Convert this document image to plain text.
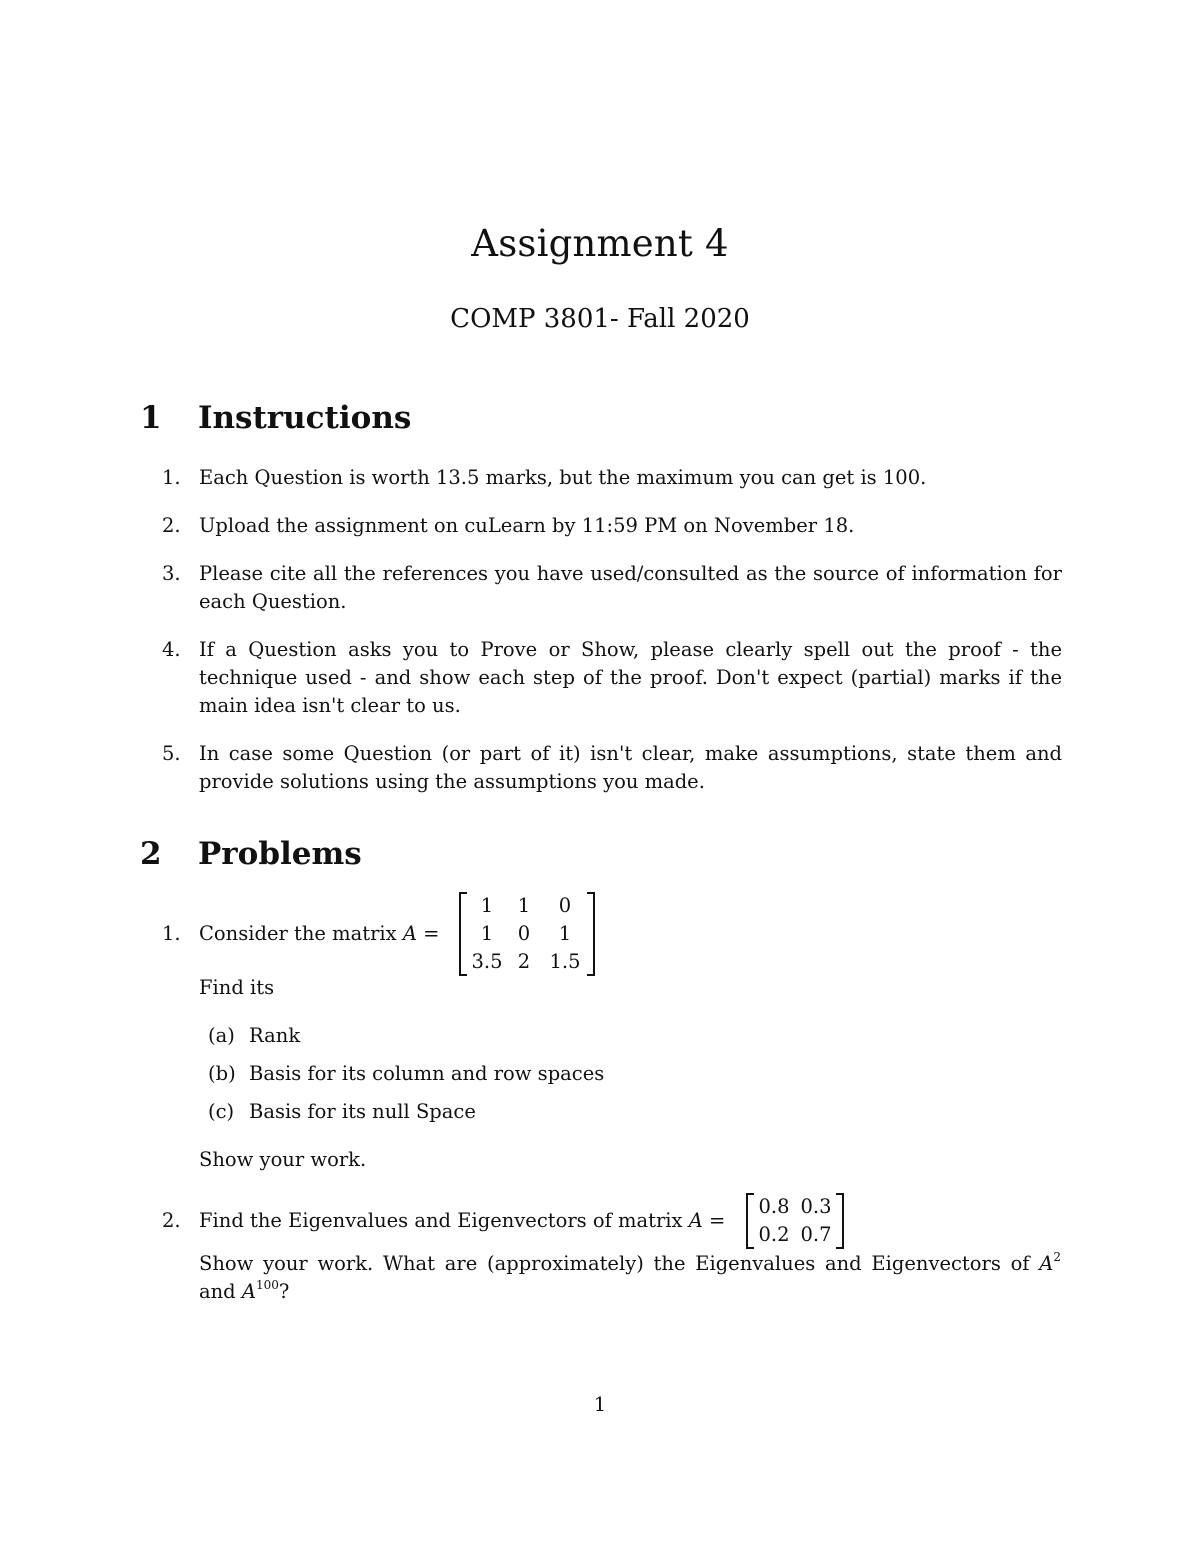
Assignment 4
COMP 3801- Fall 2020
1	Instructions
1. Each Question is worth 13.5 marks, but the maximum you can get is 100.
2. Upload the assignment on cuLearn by 11:59 PM on November 18.
3. Please cite all the references you have used/consulted as the source of information for each Question.
4. If a Question asks you to Prove or Show, please clearly spell out the proof - the technique used - and show each step of the proof. Don't expect (partial) marks if the main idea isn't clear to us.
5. In case some Question (or part of it) isn't clear, make assumptions, state them and provide solutions using the assumptions you made.
2	Problems
1. Consider the matrix A =
1	1	0
1	0	1
3.5 2 1.5
Find its
(a) Rank
(b) Basis for its column and row spaces
(c) Basis for its null Space
Show your work.
2. Find the Eigenvalues and Eigenvectors of matrix A =
0.8 0.3
0.2 0.7
Show your work. What are (approximately) the Eigenvalues and Eigenvectors of $A^2$
and $A^{100}$?
1
